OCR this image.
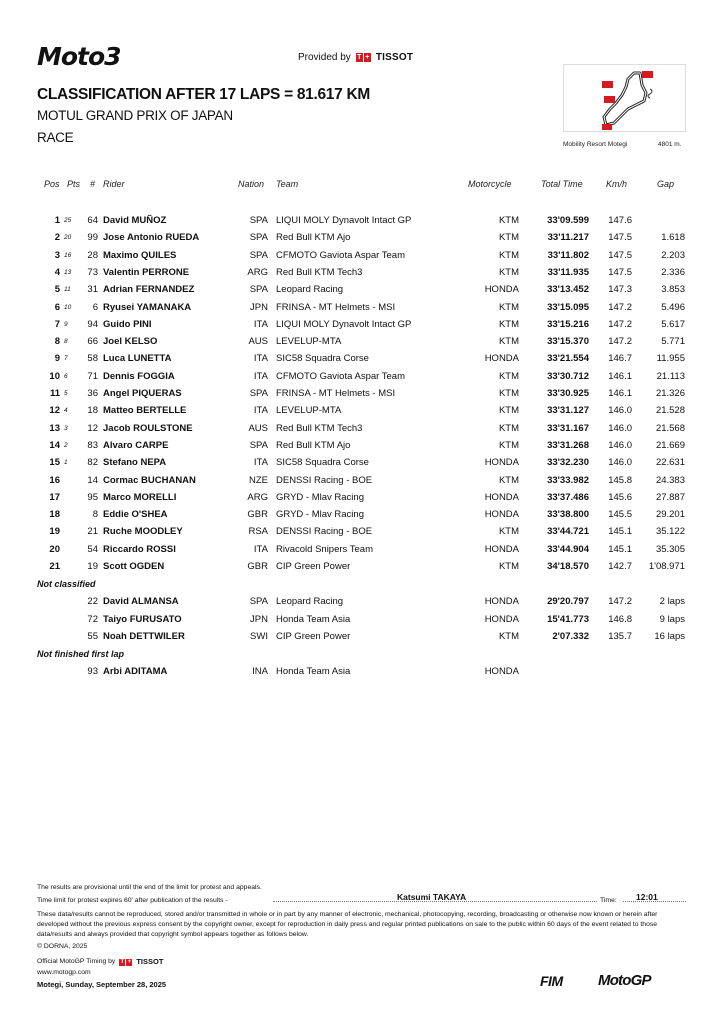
Moto3	Provided by T + TISSOT
CLASSIFICATION AFTER 17 LAPS = 81.617 KM
MOTUL GRAND PRIX OF JAPAN
RACE	Mobility Resort Motegi	4801 m.
Pos Pts # Rider	Nation Team	Motorcycle	Total Time	Km/h	Gap
1 25	64 David MUÑOZ	SPA LIQUI MOLY Dynavolt Intact GP	KTM	33'09.599	147.6
2 20	99 Jose Antonio RUEDA	SPA Red Bull KTM Ajo	KTM	33'11.217	147.5	1.618
3 16	28 Maximo QUILES	SPA CFMOTO Gaviota Aspar Team	KTM	33'11.802	147.5	2.203
4 13	73 Valentin PERRONE	ARG Red Bull KTM Tech3	KTM	33'11.935	147.5	2.336
5 11	31 Adrian FERNANDEZ	SPA Leopard Racing	HONDA	33'13.452	147.3	3.853
6 10	6 Ryusei YAMANAKA	JPN FRINSA - MT Helmets - MSI	KTM	33'15.095	147.2	5.496
7 9	94 Guido PINI	ITA LIQUI MOLY Dynavolt Intact GP	KTM	33'15.216	147.2	5.617
8 8	66 Joel KELSO	AUS LEVELUP-MTA	KTM	33'15.370	147.2	5.771
9 7	58 Luca LUNETTA	ITA SIC58 Squadra Corse	HONDA	33'21.554	146.7	11.955
10 6	71 Dennis FOGGIA	ITA CFMOTO Gaviota Aspar Team	KTM	33'30.712	146.1	21.113
11 5	36 Angel PIQUERAS	SPA FRINSA - MT Helmets - MSI	KTM	33'30.925	146.1	21.326
12 4	18 Matteo BERTELLE	ITA LEVELUP-MTA	KTM	33'31.127	146.0	21.528
13 3	12 Jacob ROULSTONE	AUS Red Bull KTM Tech3	KTM	33'31.167	146.0	21.568
14 2	83 Alvaro CARPE	SPA Red Bull KTM Ajo	KTM	33'31.268	146.0	21.669
15 1	82 Stefano NEPA	ITA SIC58 Squadra Corse	HONDA	33'32.230	146.0	22.631
16	14 Cormac BUCHANAN	NZE DENSSI Racing - BOE	KTM	33'33.982	145.8	24.383
17	95 Marco MORELLI	ARG GRYD - Mlav Racing	HONDA	33'37.486	145.6	27.887
18	8 Eddie O'SHEA	GBR GRYD - Mlav Racing	HONDA	33'38.800	145.5	29.201
19	21 Ruche MOODLEY	RSA DENSSI Racing - BOE	KTM	33'44.721	145.1	35.122
20	54 Riccardo ROSSI	ITA Rivacold Snipers Team	HONDA	33'44.904	145.1	35.305
21	19 Scott OGDEN	GBR CIP Green Power	KTM	34'18.570	142.7	1'08.971
Not classified
22 David ALMANSA	SPA Leopard Racing	HONDA	29'20.797	147.2	2 laps
72 Taiyo FURUSATO	JPN Honda Team Asia	HONDA	15'41.773	146.8	9 laps
55 Noah DETTWILER	SWI CIP Green Power	KTM	2'07.332	135.7	16 laps
Not finished first lap
93 Arbi ADITAMA	INA Honda Team Asia	HONDA
The results are provisional until the end of the limit for protest and appeals.
Time limit for protest expires 60' after publication of the results -	Katsumi TAKAYA	Time: 12:01
These data/results cannot be reproduced, stored and/or transmitted in whole or in part by any manner of electronic, mechanical, photocopying, recording, broadcasting or otherwise now known or herein after developed without the previous express consent by the copyright owner, except for reproduction in daily press and regular printed publications on sale to the public within 60 days of the event related to those data/results and always provided that copyright symbol appears together as follows below.
© DORNA, 2025
Official MotoGP Timing by T + TISSOT
www.motogp.com
Motegi, Sunday, September 28, 2025	FIM MotoGP
